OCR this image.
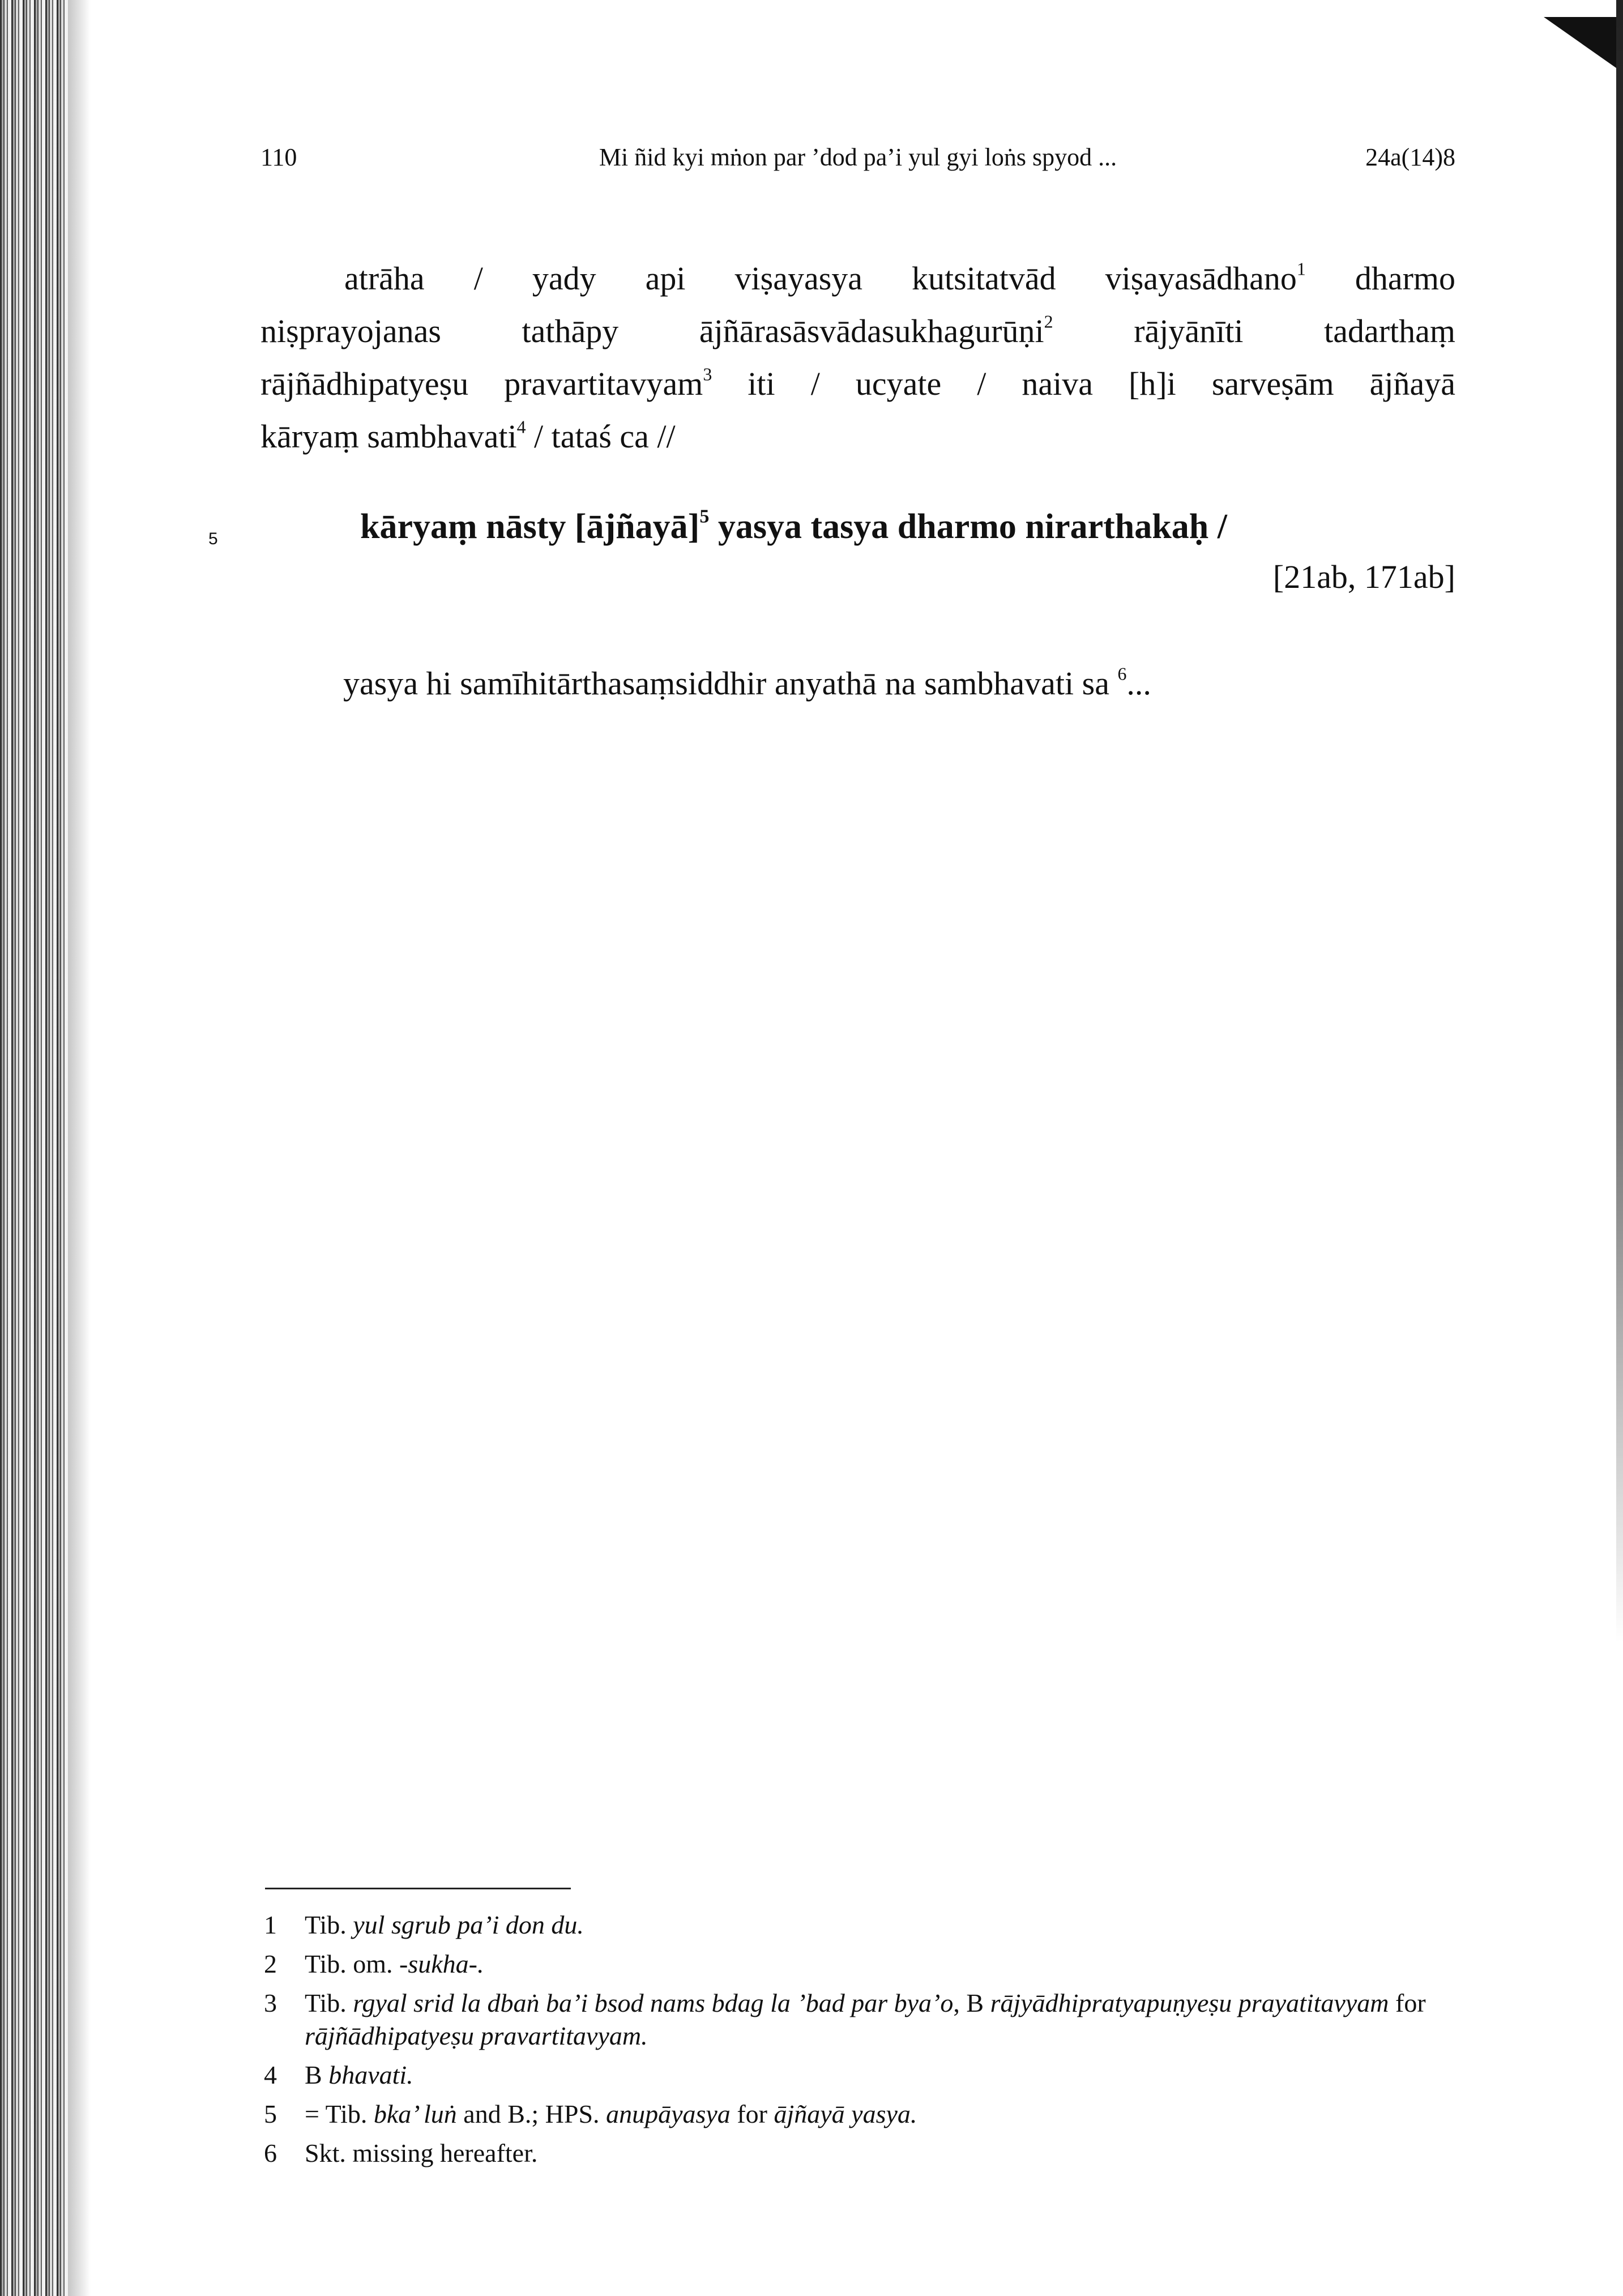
110	Mi ñid kyi mṅon par ’dod pa’i yul gyi loṅs spyod ...	24a(14)8
atrāha / yady api viṣayasya kutsitatvād viṣayasādhano$^1$ dharmo
niṣprayojanas tathāpy ājñārasāsvādasukhagurūṇi$^2$ rājyānīti tadarthaṃ
rājñādhipatyeṣu pravartitavyam$^3$ iti / ucyate / naiva [h]i sarveṣām ājñayā
kāryaṃ sambhavati$^4$ / tataś ca //
5	kāryaṃ nāsty [ājñayā]$^5$ yasya tasya dharmo nirarthakaḥ /
[21ab, 171ab]
yasya hi samīhitārthasaṃsiddhir anyathā na sambhavati sa $^6$...
1 Tib. yul sgrub pa’i don du.
2 Tib. om. -sukha-.
3 Tib. rgyal srid la dbaṅ ba’i bsod nams bdag la ’bad par bya’o, B rājyādhipratyapuṇyeṣu prayatitavyam for rājñādhipatyeṣu pravartitavyam.
4 B bhavati.
5 = Tib. bka’ luṅ and B.; HPS. anupāyasya for ājñayā yasya.
6 Skt. missing hereafter.
